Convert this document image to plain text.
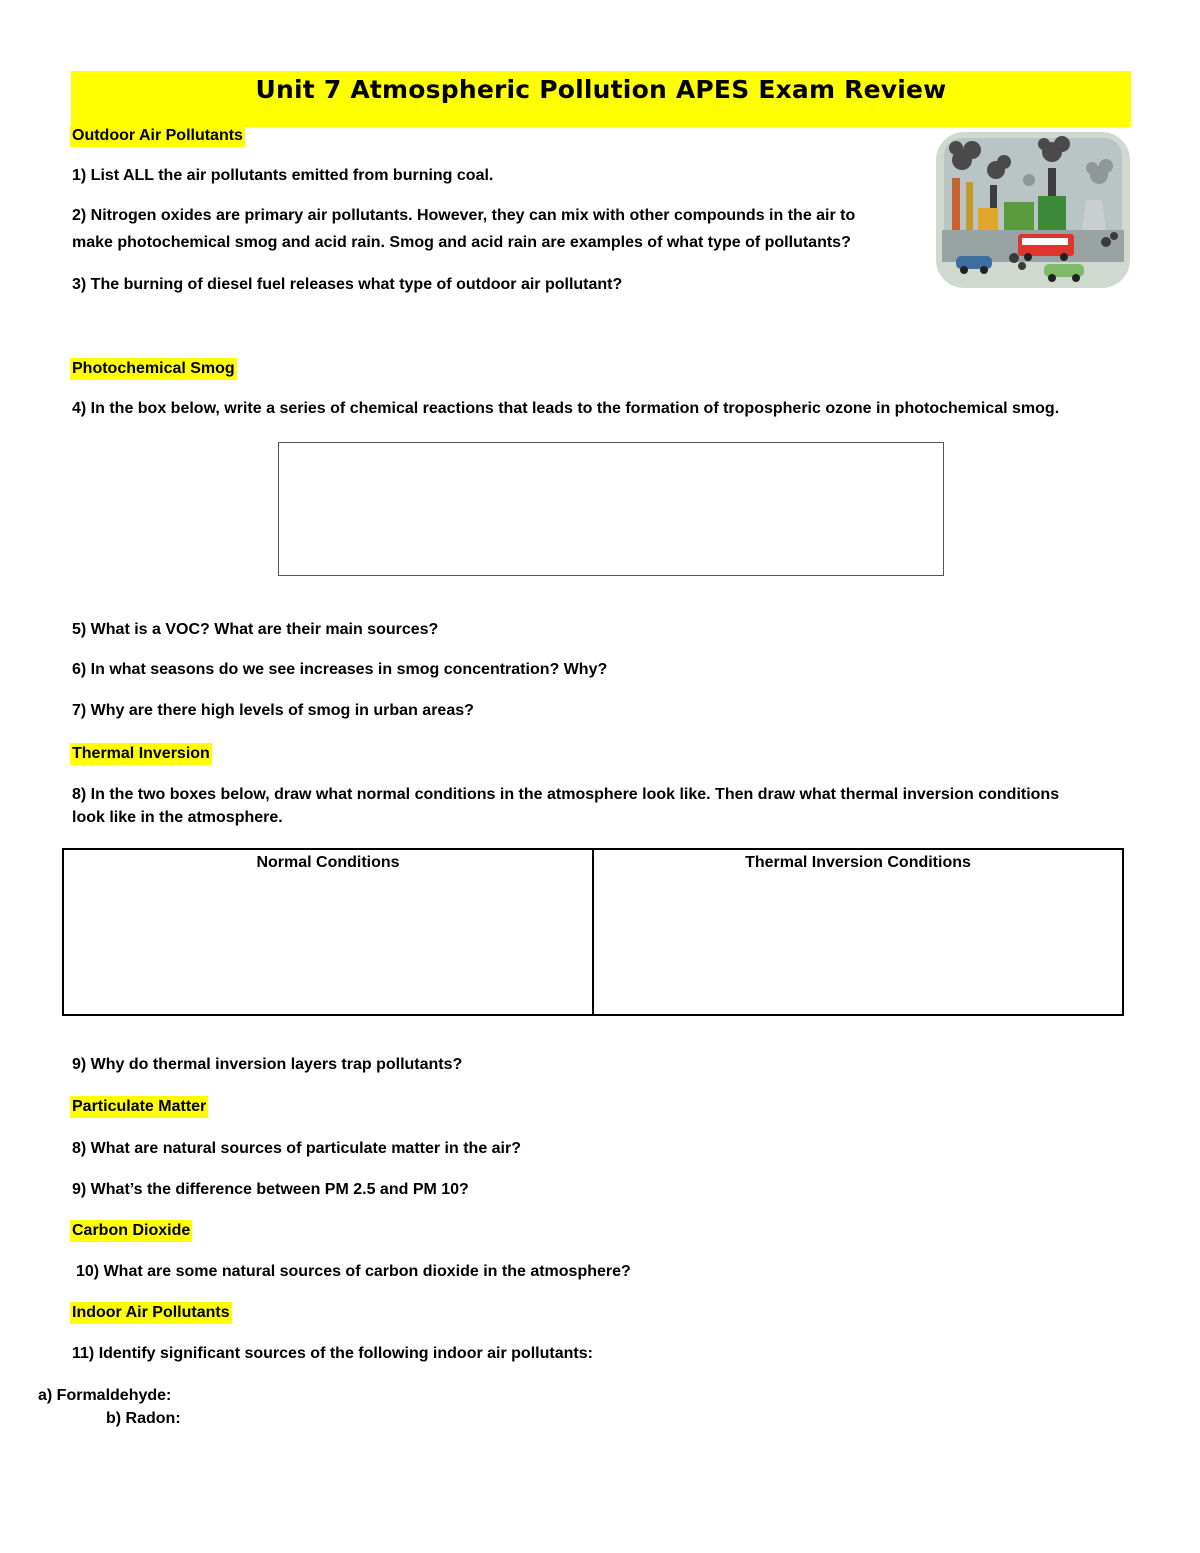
Unit 7 Atmospheric Pollution APES Exam Review
Outdoor Air Pollutants
1) List ALL the air pollutants emitted from burning coal.
2) Nitrogen oxides are primary air pollutants. However, they can mix with other compounds in the air to
make photochemical smog and acid rain. Smog and acid rain are examples of what type of pollutants?
3) The burning of diesel fuel releases what type of outdoor air pollutant?
Photochemical Smog
4) In the box below, write a series of chemical reactions that leads to the formation of tropospheric ozone in photochemical smog.
5) What is a VOC? What are their main sources?
6) In what seasons do we see increases in smog concentration? Why?
7) Why are there high levels of smog in urban areas?
Thermal Inversion
8) In the two boxes below, draw what normal conditions in the atmosphere look like. Then draw what thermal inversion conditions
look like in the atmosphere.
Normal Conditions	Thermal Inversion Conditions
9) Why do thermal inversion layers trap pollutants?
Particulate Matter
8) What are natural sources of particulate matter in the air?
9) What’s the difference between PM 2.5 and PM 10?
Carbon Dioxide
10) What are some natural sources of carbon dioxide in the atmosphere?
Indoor Air Pollutants
11) Identify significant sources of the following indoor air pollutants:
a) Formaldehyde:
b) Radon:
